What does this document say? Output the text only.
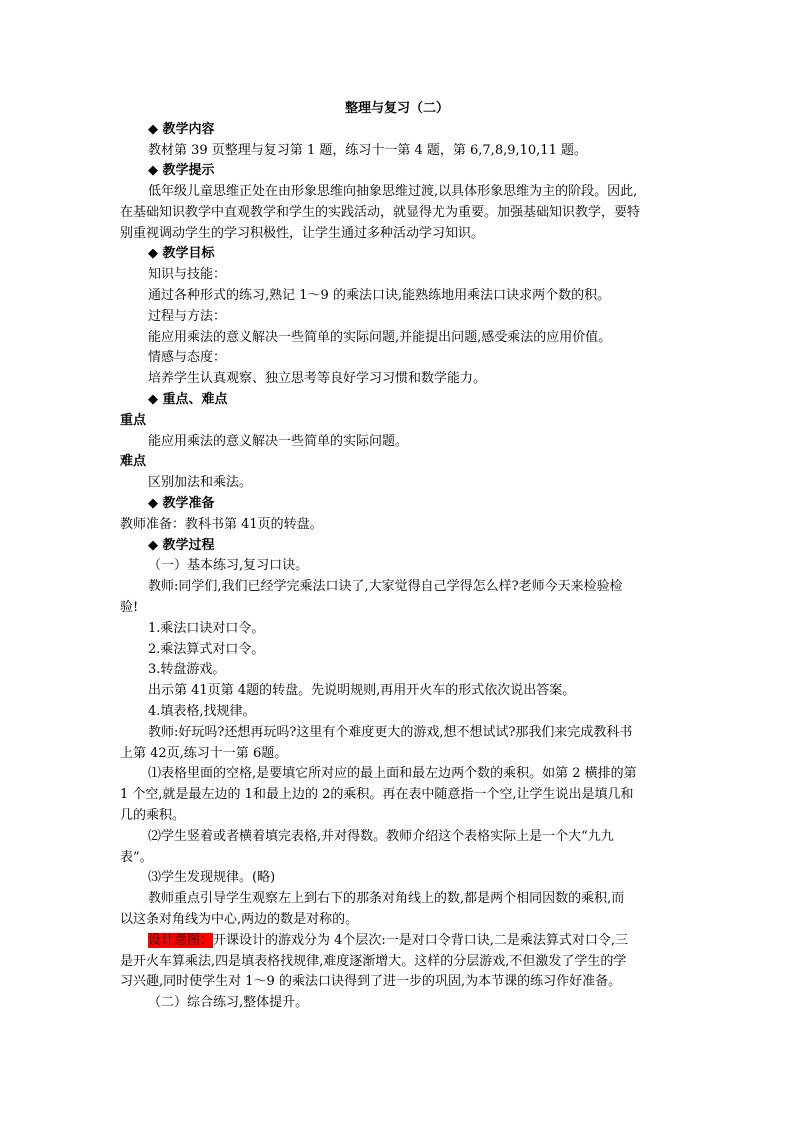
整理与复习（二）
◆ 教学内容
教材第 39 页整理与复习第 1 题，练习十一第 4 题，第 6,7,8,9,10,11 题。
◆ 教学提示
低年级儿童思维正处在由形象思维向抽象思维过渡,以具体形象思维为主的阶段。因此,
在基础知识教学中直观教学和学生的实践活动，就显得尤为重要。加强基础知识教学，要特
别重视调动学生的学习积极性，让学生通过多种活动学习知识。
◆ 教学目标
知识与技能：
通过各种形式的练习,熟记 1～9 的乘法口诀,能熟练地用乘法口诀求两个数的积。
过程与方法：
能应用乘法的意义解决一些简单的实际问题,并能提出问题,感受乘法的应用价值。
情感与态度：
培养学生认真观察、独立思考等良好学习习惯和数学能力。
◆ 重点、难点
重点
能应用乘法的意义解决一些简单的实际问题。
难点
区别加法和乘法。
◆ 教学准备
教师准备：教科书第 41页的转盘。
◆ 教学过程
（一）基本练习,复习口诀。
教师:同学们,我们已经学完乘法口诀了,大家觉得自己学得怎么样?老师今天来检验检
验!
1.乘法口诀对口令。
2.乘法算式对口令。
3.转盘游戏。
出示第 41页第 4题的转盘。先说明规则,再用开火车的形式依次说出答案。
4.填表格,找规律。
教师:好玩吗?还想再玩吗?这里有个难度更大的游戏,想不想试试?那我们来完成教科书
上第 42页,练习十一第 6题。
⑴表格里面的空格,是要填它所对应的最上面和最左边两个数的乘积。如第 2 横排的第
1 个空,就是最左边的 1和最上边的 2的乘积。再在表中随意指一个空,让学生说出是填几和
几的乘积。
⑵学生竖着或者横着填完表格,并对得数。教师介绍这个表格实际上是一个大“九九
表”。
⑶学生发现规律。(略)
教师重点引导学生观察左上到右下的那条对角线上的数,都是两个相同因数的乘积,而
以这条对角线为中心,两边的数是对称的。
设计意图：开课设计的游戏分为 4个层次:一是对口令背口诀,二是乘法算式对口令,三
是开火车算乘法,四是填表格找规律,难度逐渐增大。这样的分层游戏,不但激发了学生的学
习兴趣,同时使学生对 1～9 的乘法口诀得到了进一步的巩固,为本节课的练习作好准备。
（二）综合练习,整体提升。
